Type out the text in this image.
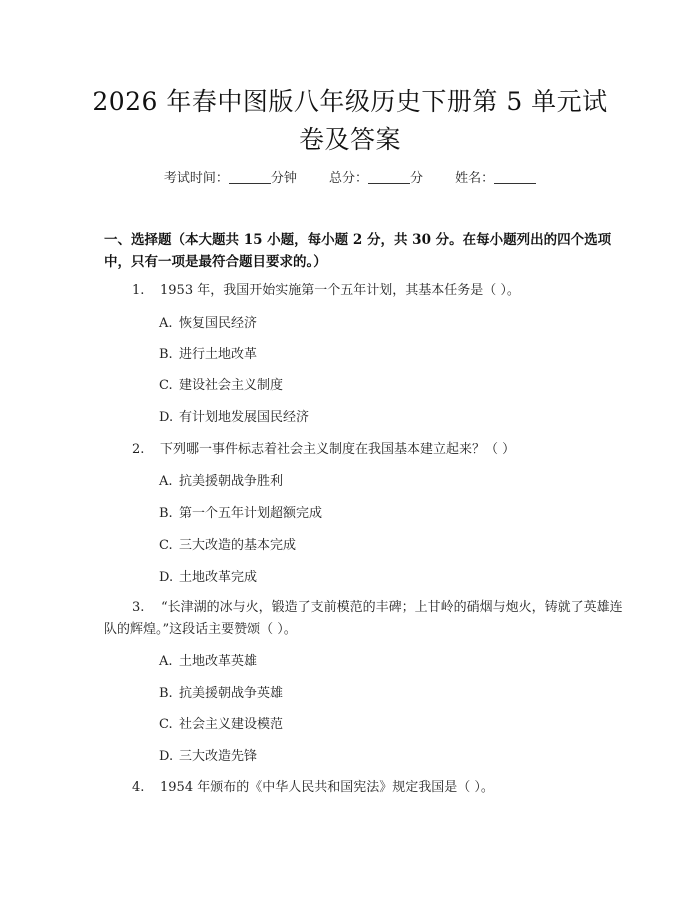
2026 年春中图版八年级历史下册第 5 单元试
卷及答案
考试时间：	分钟 总分：	分 姓名：
一、选择题（本大题共 15 小题，每小题 2 分，共 30 分。在每小题列出的四个选项中，只有一项是最符合题目要求的。）
1. 1953 年，我国开始实施第一个五年计划，其基本任务是（ ）。
A. 恢复国民经济
B. 进行土地改革
C. 建设社会主义制度
D. 有计划地发展国民经济
2. 下列哪一事件标志着社会主义制度在我国基本建立起来？（ ）
A. 抗美援朝战争胜利
B. 第一个五年计划超额完成
C. 三大改造的基本完成
D. 土地改革完成
3. “长津湖的冰与火，锻造了支前模范的丰碑；上甘岭的硝烟与炮火，铸就了英雄连队的辉煌。”这段话主要赞颂（ ）。
A. 土地改革英雄
B. 抗美援朝战争英雄
C. 社会主义建设模范
D. 三大改造先锋
4. 1954 年颁布的《中华人民共和国宪法》规定我国是（ ）。
